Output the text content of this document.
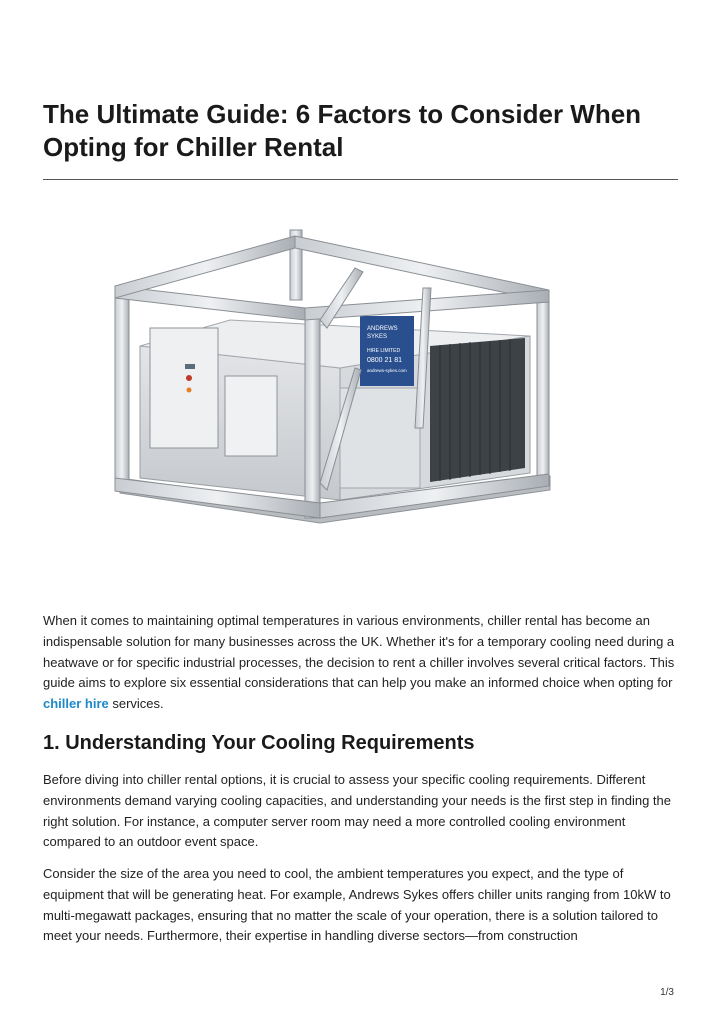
The Ultimate Guide: 6 Factors to Consider When Opting for Chiller Rental
ANDREWS
SYKES
HIRE LIMITED
0800 21 81
andrews-sykes.com

When it comes to maintaining optimal temperatures in various environments, chiller rental has become an indispensable solution for many businesses across the UK. Whether it's for a temporary cooling need during a heatwave or for specific industrial processes, the decision to rent a chiller involves several critical factors. This guide aims to explore six essential considerations that can help you make an informed choice when opting for chiller hire services.

1. Understanding Your Cooling Requirements

Before diving into chiller rental options, it is crucial to assess your specific cooling requirements. Different environments demand varying cooling capacities, and understanding your needs is the first step in finding the right solution. For instance, a computer server room may need a more controlled cooling environment compared to an outdoor event space.

Consider the size of the area you need to cool, the ambient temperatures you expect, and the type of equipment that will be generating heat. For example, Andrews Sykes offers chiller units ranging from 10kW to multi-megawatt packages, ensuring that no matter the scale of your operation, there is a solution tailored to meet your needs. Furthermore, their expertise in handling diverse sectors—from construction

1/3
